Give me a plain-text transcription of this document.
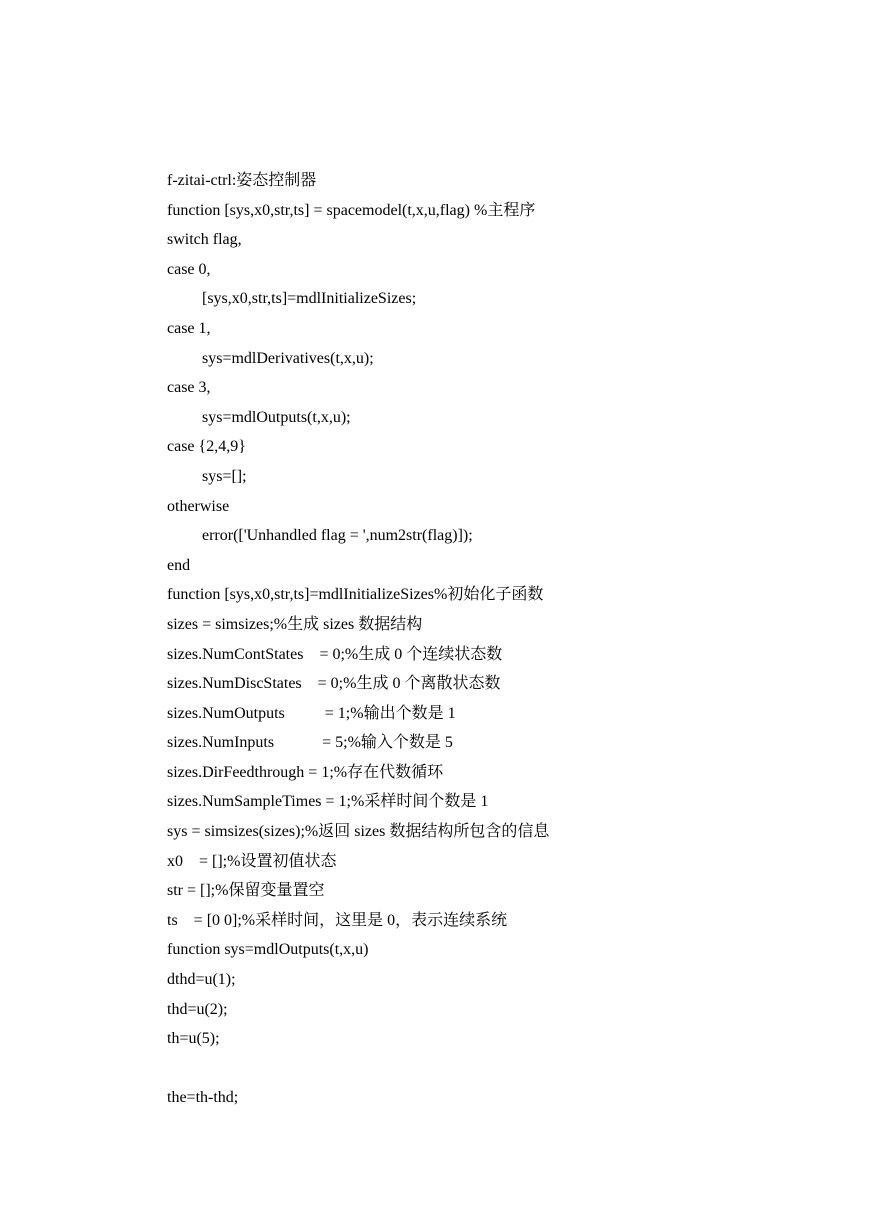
f-zitai-ctrl:姿态控制器
function [sys,x0,str,ts] = spacemodel(t,x,u,flag) %主程序
switch flag,
case 0,
[sys,x0,str,ts]=mdlInitializeSizes;
case 1,
sys=mdlDerivatives(t,x,u);
case 3,
sys=mdlOutputs(t,x,u);
case {2,4,9}
sys=[];
otherwise
error(['Unhandled flag = ',num2str(flag)]);
end
function [sys,x0,str,ts]=mdlInitializeSizes%初始化子函数
sizes = simsizes;%生成 sizes 数据结构
sizes.NumContStates    = 0;%生成 0 个连续状态数
sizes.NumDiscStates    = 0;%生成 0 个离散状态数
sizes.NumOutputs          = 1;%输出个数是 1
sizes.NumInputs            = 5;%输入个数是 5
sizes.DirFeedthrough = 1;%存在代数循环
sizes.NumSampleTimes = 1;%采样时间个数是 1
sys = simsizes(sizes);%返回 sizes 数据结构所包含的信息
x0    = [];%设置初值状态
str = [];%保留变量置空
ts    = [0 0];%采样时间，这里是 0，表示连续系统
function sys=mdlOutputs(t,x,u)
dthd=u(1);
thd=u(2);
th=u(5);
the=th-thd;
